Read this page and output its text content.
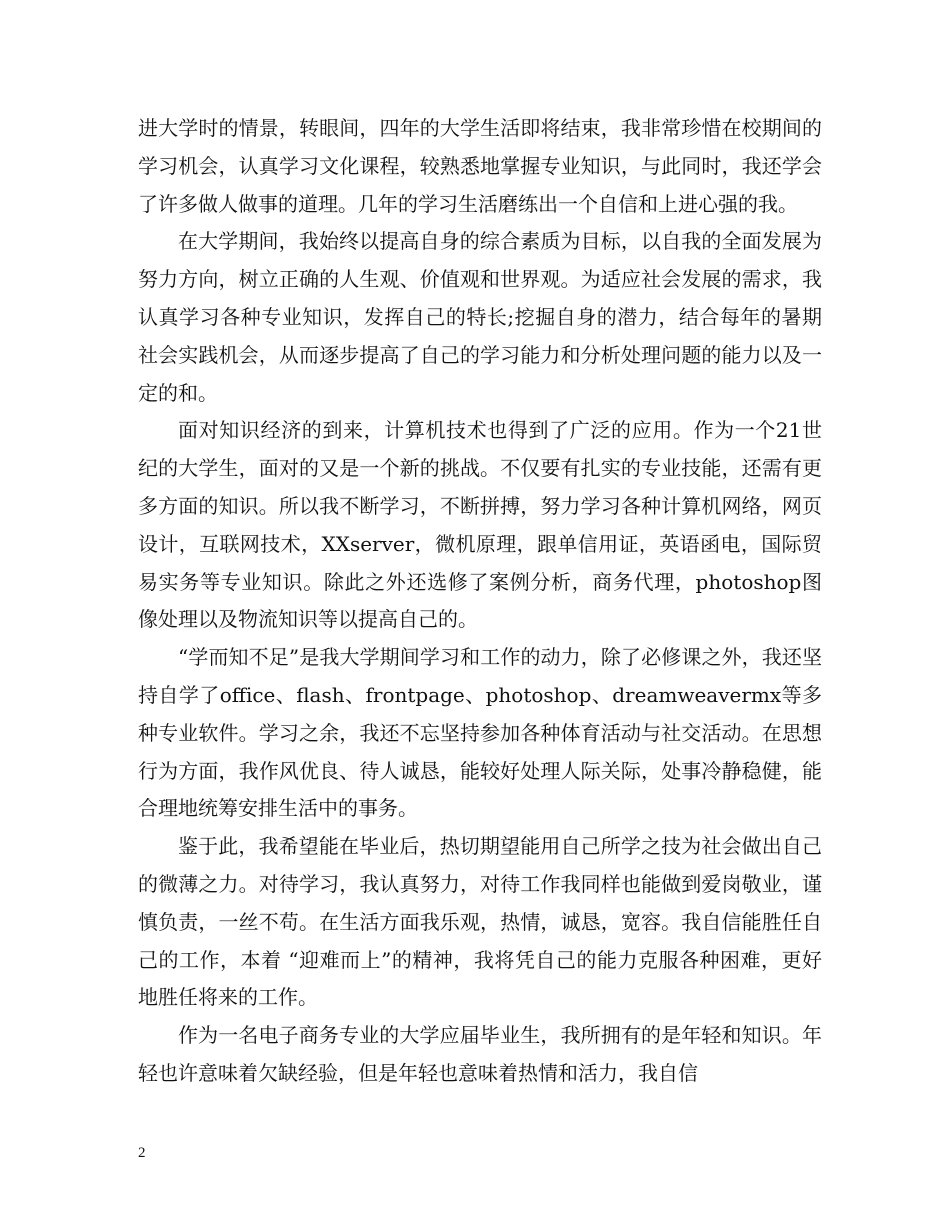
进大学时的情景，转眼间，四年的大学生活即将结束，我非常珍惜在校期间的学习机会，认真学习文化课程，较熟悉地掌握专业知识，与此同时，我还学会了许多做人做事的道理。几年的学习生活磨练出一个自信和上进心强的我。

在大学期间，我始终以提高自身的综合素质为目标，以自我的全面发展为努力方向，树立正确的人生观、价值观和世界观。为适应社会发展的需求，我认真学习各种专业知识，发挥自己的特长;挖掘自身的潜力，结合每年的暑期社会实践机会，从而逐步提高了自己的学习能力和分析处理问题的能力以及一定的和。

面对知识经济的到来，计算机技术也得到了广泛的应用。作为一个21世纪的大学生，面对的又是一个新的挑战。不仅要有扎实的专业技能，还需有更多方面的知识。所以我不断学习，不断拼搏，努力学习各种计算机网络，网页设计，互联网技术，XXserver，微机原理，跟单信用证，英语函电，国际贸易实务等专业知识。除此之外还选修了案例分析，商务代理，photoshop图像处理以及物流知识等以提高自己的。

“学而知不足”是我大学期间学习和工作的动力，除了必修课之外，我还坚持自学了office、flash、frontpage、photoshop、dreamweavermx等多种专业软件。学习之余，我还不忘坚持参加各种体育活动与社交活动。在思想行为方面，我作风优良、待人诚恳，能较好处理人际关际，处事冷静稳健，能合理地统筹安排生活中的事务。

鉴于此，我希望能在毕业后，热切期望能用自己所学之技为社会做出自己的微薄之力。对待学习，我认真努力，对待工作我同样也能做到爱岗敬业，谨慎负责，一丝不苟。在生活方面我乐观，热情，诚恳，宽容。我自信能胜任自己的工作，本着 “迎难而上”的精神，我将凭自己的能力克服各种困难，更好地胜任将来的工作。

作为一名电子商务专业的大学应届毕业生，我所拥有的是年轻和知识。年轻也许意味着欠缺经验，但是年轻也意味着热情和活力，我自信

2
